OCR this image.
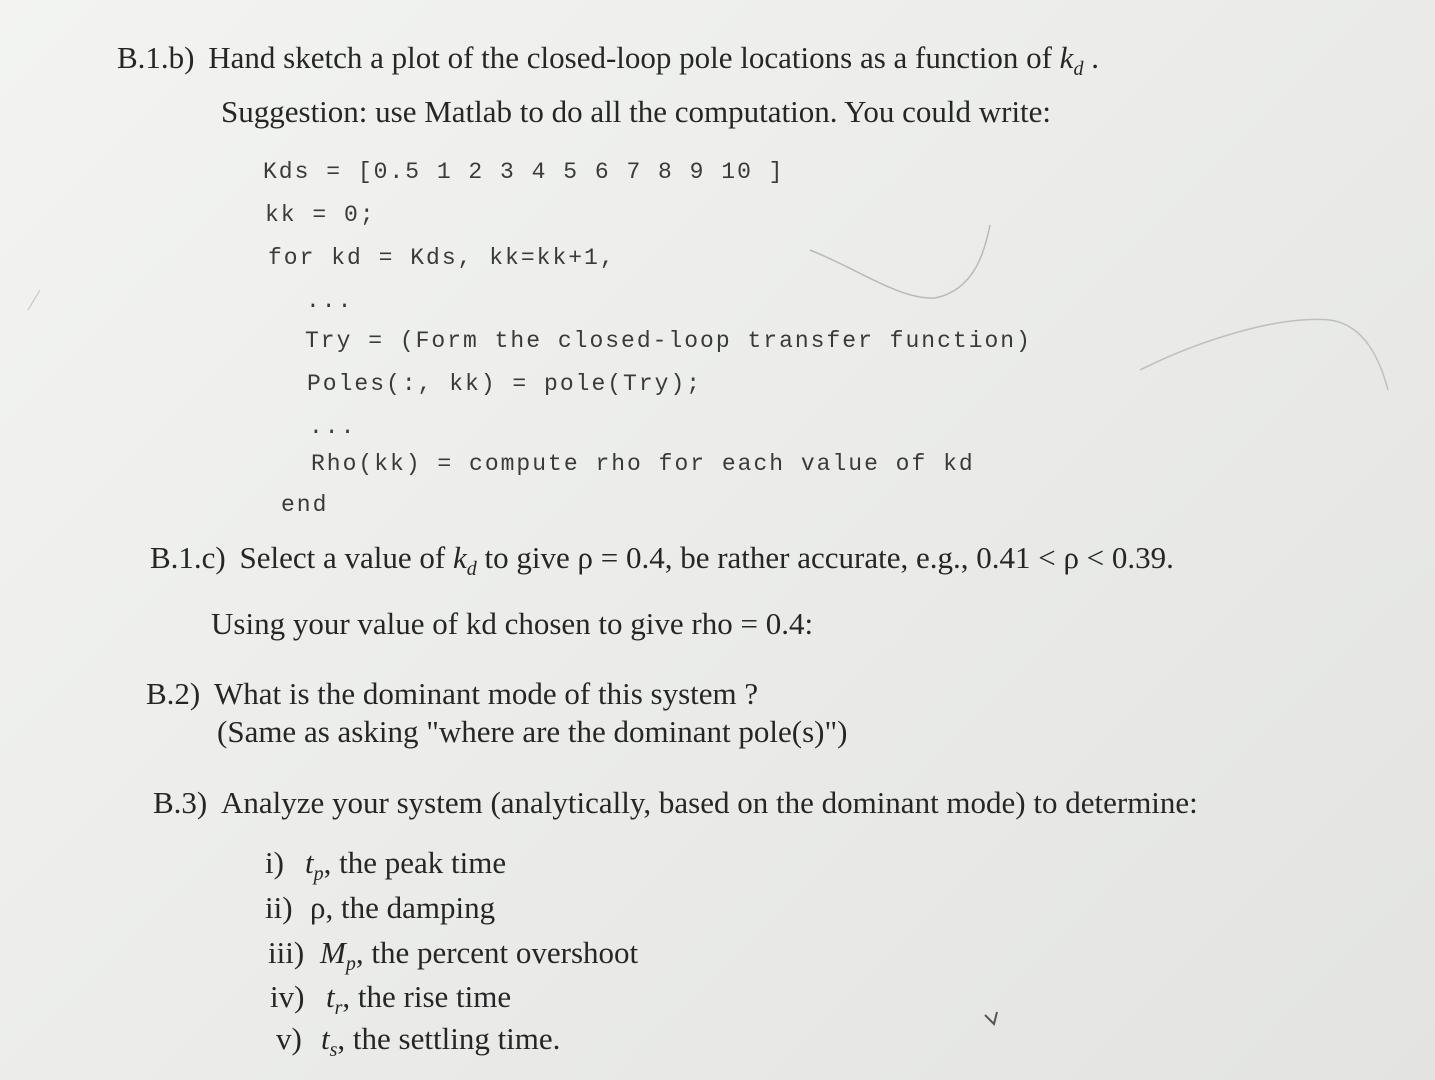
B.1.b) Hand sketch a plot of the closed-loop pole locations as a function of $k_d$ .
Suggestion: use Matlab to do all the computation. You could write:
Kds = [0.5 1 2 3 4 5 6 7 8 9 10 ]
kk = 0;
for kd = Kds, kk=kk+1,
...
Try = (Form the closed-loop transfer function)
Poles(:, kk) = pole(Try);
...
Rho(kk) = compute rho for each value of kd
end
B.1.c) Select a value of $k_d$ to give ρ = 0.4, be rather accurate, e.g., 0.41 < ρ < 0.39.
Using your value of kd chosen to give rho = 0.4:
B.2) What is the dominant mode of this system ?
(Same as asking "where are the dominant pole(s)")
B.3) Analyze your system (analytically, based on the dominant mode) to determine:
i) $t_p$, the peak time
ii) ρ, the damping
iii) $M_p$, the percent overshoot
iv) $t_r$, the rise time
v) $t_s$, the settling time.
